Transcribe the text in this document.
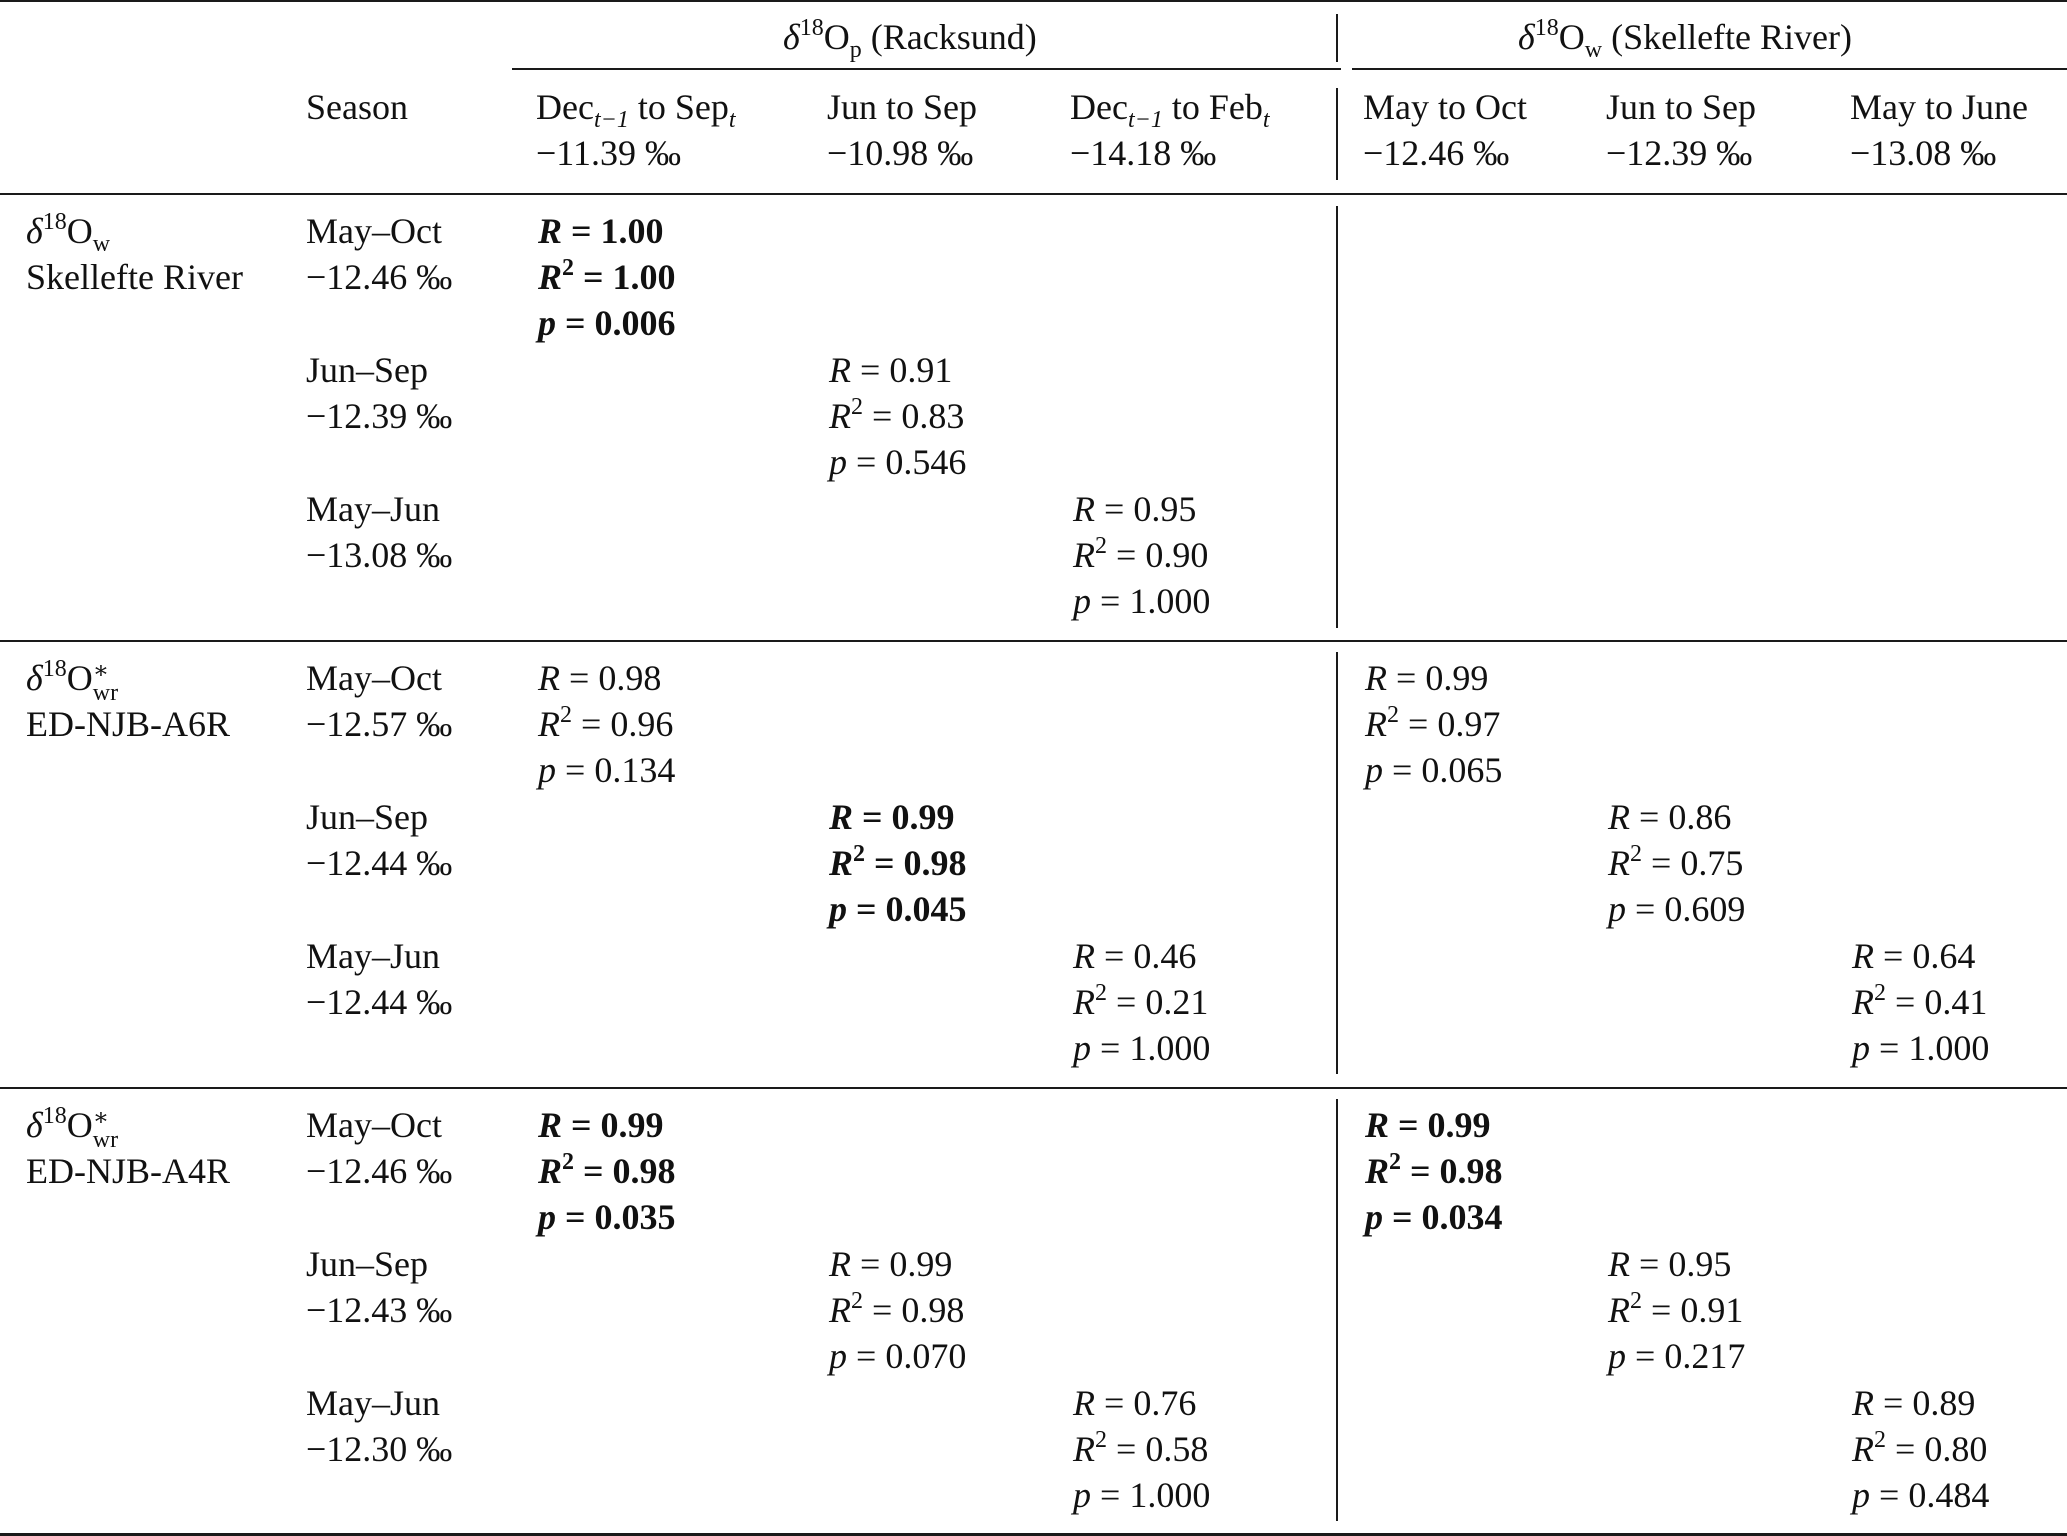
$\delta^{18}O_p$ (Racksund)	$\delta^{18}O_w$ (Skellefte River)
Season	Dec$_{t-1}$ to Sep$_t$
−11.39 ‰
Jun to Sep
−10.98 ‰
Dec$_{t-1}$ to Feb$_t$
−14.18 ‰
May to Oct
−12.46 ‰
Jun to Sep
−12.39 ‰
May to June
−13.08 ‰
$\delta^{18}O_w$
Skellefte River
May–Oct
−12.46 ‰
Jun–Sep
−12.39 ‰
May–Jun
−13.08 ‰
$\delta^{18}O$ ∗
wr
ED-NJB-A6R
May–Oct
−12.57 ‰
Jun–Sep
−12.44 ‰
May–Jun
−12.44 ‰
$\delta^{18}O$ ∗
wr
ED-NJB-A4R
May–Oct
−12.46 ‰
Jun–Sep
−12.43 ‰
May–Jun
−12.30 ‰
R = 1.00
$R^2 = 1.00$
p = 0.006
R = 0.91
$R^2 = 0.83$
p = 0.546
R = 0.95
$R^2 = 0.90$
p = 1.000
R = 0.98
$R^2 = 0.96$
p = 0.134
R = 0.99
$R^2 = 0.97$
p = 0.065
R = 0.99
$R^2 = 0.98$
p = 0.045
R = 0.86
$R^2 = 0.75$
p = 0.609
R = 0.46
$R^2 = 0.21$
p = 1.000
R = 0.64
$R^2 = 0.41$
p = 1.000
R = 0.99
$R^2 = 0.98$
p = 0.035
R = 0.99
$R^2 = 0.98$
p = 0.034
R = 0.99
$R^2 = 0.98$
p = 0.070
R = 0.95
$R^2 = 0.91$
p = 0.217
R = 0.76
$R^2 = 0.58$
p = 1.000
R = 0.89
$R^2 = 0.80$
p = 0.484
